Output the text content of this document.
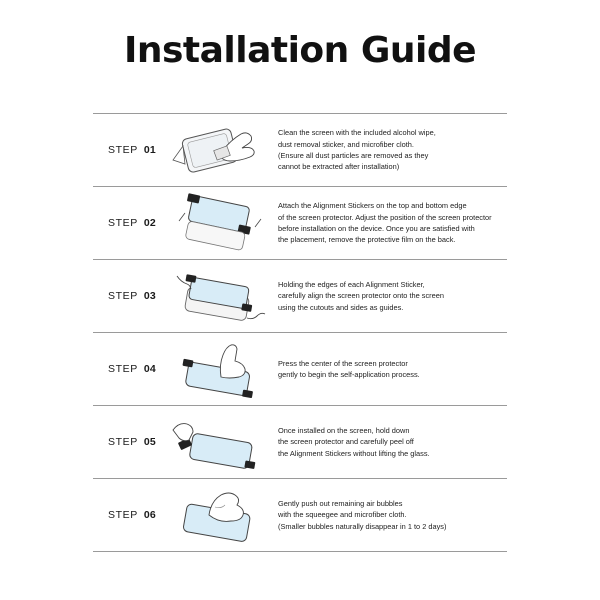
Installation Guide
STEP 01
Clean the screen with the included alcohol wipe,
dust removal sticker, and microfiber cloth.
(Ensure all dust particles are removed as they
cannot be extracted after installation)
STEP 02
Attach the Alignment Stickers on the top and bottom edge
of the screen protector. Adjust the position of the screen protector
before installation on the device. Once you are satisfied with
the placement, remove the protective film on the back.
STEP 03
Holding the edges of each Alignment Sticker,
carefully align the screen protector onto the screen
using the cutouts and sides as guides.
STEP 04	Press the center of the screen protector
gently to begin the self-application process.
STEP 05
Once installed on the screen, hold down
the screen protector and carefully peel off
the Alignment Stickers without lifting the glass.
STEP 06
Gently push out remaining air bubbles
with the squeegee and microfiber cloth.
(Smaller bubbles naturally disappear in 1 to 2 days)
